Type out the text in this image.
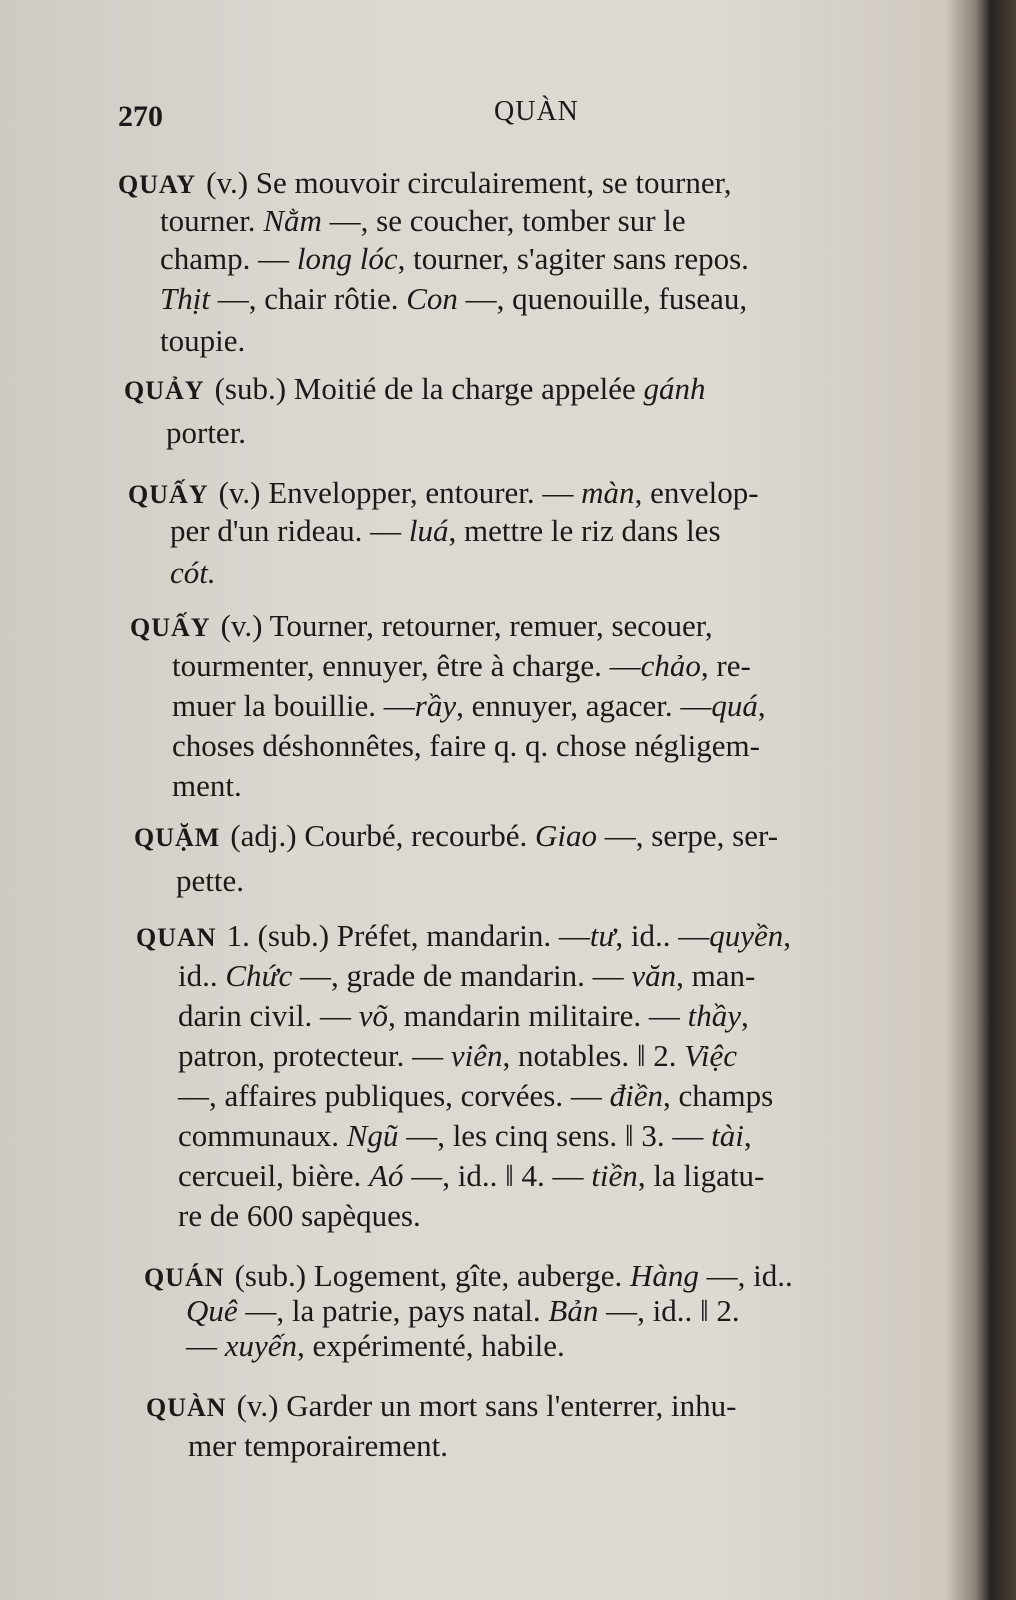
270	QUÀN
QUAY (v.) Se mouvoir circulairement, se tourner,
tourner. Nằm —, se coucher, tomber sur le
champ. — long lóc, tourner, s'agiter sans repos.
Thịt —, chair rôtie. Con —, quenouille, fuseau,
toupie.
QUẢY (sub.) Moitié de la charge appelée gánh
porter.
QUẤY (v.) Envelopper, entourer. — màn, envelop-
per d'un rideau. — luá, mettre le riz dans les
cót.
QUẤY (v.) Tourner, retourner, remuer, secouer,
tourmenter, ennuyer, être à charge. —chảo, re-
muer la bouillie. —rầy, ennuyer, agacer. —quá,
choses déshonnêtes, faire q. q. chose négligem-
ment.
QUẶM (adj.) Courbé, recourbé. Giao —, serpe, ser-
pette.
QUAN 1. (sub.) Préfet, mandarin. —tư, id.. —quyền,
id.. Chức —, grade de mandarin. — văn, man-
darin civil. — võ, mandarin militaire. — thầy,
patron, protecteur. — viên, notables. ‖ 2. Việc
—, affaires publiques, corvées. — điền, champs
communaux. Ngũ —, les cinq sens. ‖ 3. — tài,
cercueil, bière. Aó —, id.. ‖ 4. — tiền, la ligatu-
re de 600 sapèques.
QUÁN (sub.) Logement, gîte, auberge. Hàng —, id..
Quê —, la patrie, pays natal. Bản —, id.. ‖ 2.
— xuyến , expérimenté, habile.
QUÀN (v.) Garder un mort sans l'enterrer, inhu-
mer temporairement.
